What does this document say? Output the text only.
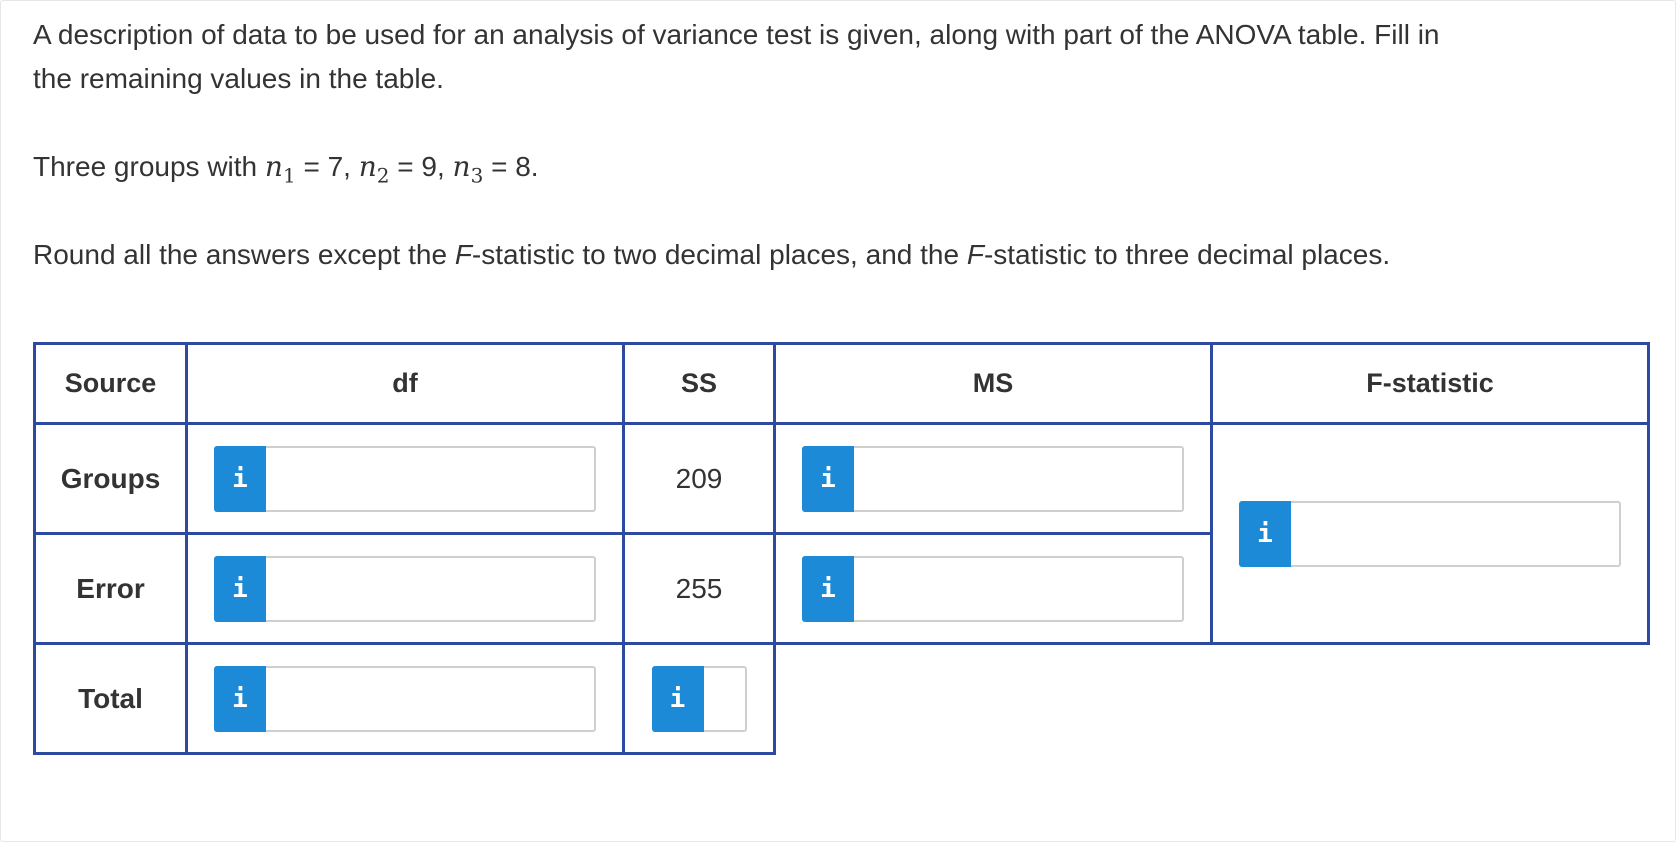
A description of data to be used for an analysis of variance test is given, along with part of the ANOVA table. Fill in

the remaining values in the table.

Three groups with $n_1 = 7$, $n_2 = 9$, $n_3 = 8$.

Round all the answers except the F-statistic to two decimal places, and the F-statistic to three decimal places.

Source	df	SS	MS	F-statistic
Groups	i	209	i	i

Error	i	255	i	

Total	i	i		
